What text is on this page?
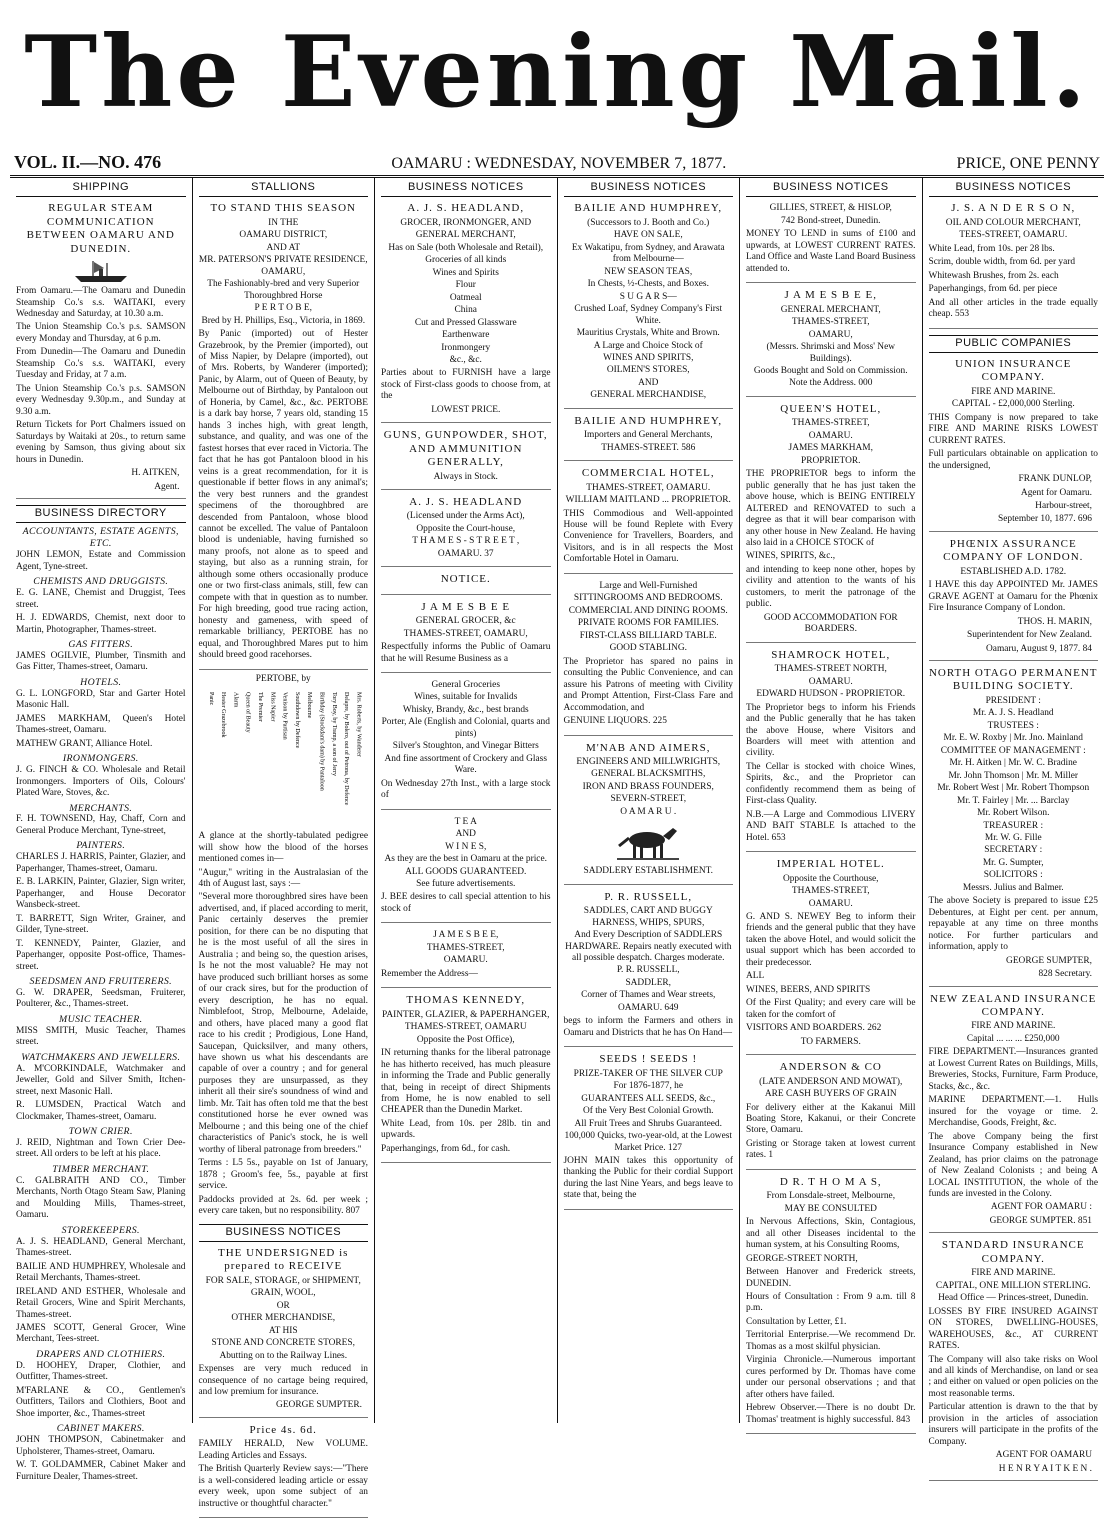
The Evening Mail.
VOL. II.—NO. 476	OAMARU : WEDNESDAY, NOVEMBER 7, 1877.	PRICE, ONE PENNY
SHIPPING
REGULAR STEAM COMMUNICATION BETWEEN OAMARU AND DUNEDIN.

From Oamaru.—The Oamaru and Dunedin Steamship Co.'s s.s. WAITAKI, every Wednesday and Saturday, at 10.30 a.m.

The Union Steamship Co.'s p.s. SAMSON every Monday and Thursday, at 6 p.m.

From Dunedin—The Oamaru and Dunedin Steamship Co.'s s.s. WAITAKI, every Tuesday and Friday, at 7 a.m.

The Union Steamship Co.'s p.s. SAMSON every Wednesday 9.30p.m., and Sunday at 9.30 a.m.

Return Tickets for Port Chalmers issued on Saturdays by Waitaki at 20s., to return same evening by Samson, thus giving about six hours in Dunedin.

H. AITKEN,
Agent.
BUSINESS DIRECTORY
ACCOUNTANTS, ESTATE AGENTS, ETC.

JOHN LEMON, Estate and Commission Agent, Tyne-street.

CHEMISTS AND DRUGGISTS.

E. G. LANE, Chemist and Druggist, Tees street.

H. J. EDWARDS, Chemist, next door to Martin, Photographer, Thames-street.

GAS FITTERS.

JAMES OGILVIE, Plumber, Tinsmith and Gas Fitter, Thames-street, Oamaru.

HOTELS.

G. L. LONGFORD, Star and Garter Hotel Masonic Hall.

JAMES MARKHAM, Queen's Hotel Thames-street, Oamaru.

MATHEW GRANT, Alliance Hotel.

IRONMONGERS.

J. G. FINCH & CO. Wholesale and Retail Ironmongers. Importers of Oils, Colours' Plated Ware, Stoves, &c.

MERCHANTS.

F. H. TOWNSEND, Hay, Chaff, Corn and General Produce Merchant, Tyne-street,

PAINTERS.

CHARLES J. HARRIS, Painter, Glazier, and Paperhanger, Thames-street, Oamaru.

E. B. LARKIN, Painter, Glazier, Sign writer, Paperhanger, and House Decorator Wansbeck-street.

T. BARRETT, Sign Writer, Grainer, and Gilder, Tyne-street.

T. KENNEDY, Painter, Glazier, and Paperhanger, opposite Post-office, Thames-street.

SEEDSMEN AND FRUITERERS.

G. W. DRAPER, Seedsman, Fruiterer, Poulterer, &c., Thames-street.

MUSIC TEACHER.

MISS SMITH, Music Teacher, Thames street.

WATCHMAKERS AND JEWELLERS.

A. M'CORKINDALE, Watchmaker and Jeweller, Gold and Silver Smith, Itchen-street, next Masonic Hall.

R. LUMSDEN, Practical Watch and Clockmaker, Thames-street, Oamaru.

TOWN CRIER.

J. REID, Nightman and Town Crier Dee-street. All orders to be left at his place.

TIMBER MERCHANT.

C. GALBRAITH AND CO., Timber Merchants, North Otago Steam Saw, Planing and Moulding Mills, Thames-street, Oamaru.

STOREKEEPERS.

A. J. S. HEADLAND, General Merchant, Thames-street.

BAILIE AND HUMPHREY, Wholesale and Retail Merchants, Thames-street.

IRELAND AND ESTHER, Wholesale and Retail Grocers, Wine and Spirit Merchants, Thames-street.

JAMES SCOTT, General Grocer, Wine Merchant, Tees-street.

DRAPERS AND CLOTHIERS.

D. HOOHEY, Draper, Clothier, and Outfitter, Thames-street.

M'FARLANE & CO., Gentlemen's Outfitters, Tailors and Clothiers, Boot and Shoe importer, &c., Thames-street

CABINET MAKERS.

JOHN THOMPSON, Cabinetmaker and Upholsterer, Thames-street, Oamaru.

W. T. GOLDAMMER, Cabinet Maker and Furniture Dealer, Thames-street.

STALLIONS
TO STAND THIS SEASON
IN THE
OAMARU DISTRICT,
AND AT
MR. PATERSON'S PRIVATE RESIDENCE, OAMARU,
The Fashionably-bred and very Superior Thoroughbred Horse
P E R T O B E,
Bred by H. Phillips, Esq., Victoria, in 1869.

By Panic (imported) out of Hester Grazebrook, by the Premier (imported), out of Miss Napier, by Delapre (imported), out of Mrs. Roberts, by Wanderer (imported); Panic, by Alarm, out of Queen of Beauty, by Melbourne out of Birthday, by Pantaloon out of Honeria, by Camel, &c., &c. PERTOBE is a dark bay horse, 7 years old, standing 15 hands 3 inches high, with great length, substance, and quality, and was one of the fastest horses that ever raced in Victoria. The fact that he has got Pantaloon blood in his veins is a great recommendation, for it is questionable if better flows in any animal's; the very best runners and the grandest specimens of the thoroughbred are descended from Pantaloon, whose blood cannot be excelled. The value of Pantaloon blood is undeniable, having furnished so many proofs, not alone as to speed and staying, but also as a running strain, for although some others occasionally produce one or two first-class animals, still, few can compete with that in question as to number. For high breeding, good true racing action, honesty and gameness, with speed of remarkable brilliancy, PERTOBE has no equal, and Thoroughbred Mares put to him should breed good racehorses.

PERTOBE, by
Panic Hester Grazebrook Alarm Queen of Beauty The Premier Miss Napier Venison by Partisan Southdown by Defence Melbourne Birthday (Stockdam's dam) by Pantaloon Tory Boy, by Tramp, a son of Jerry Delapre, by Bolero, out of Petrona, by Defence Mrs. Roberts, by Wanderer

A glance at the shortly-tabulated pedigree will show how the blood of the horses mentioned comes in—

"Augur," writing in the Australasian of the 4th of August last, says :—

"Several more thoroughbred sires have been advertised, and, if placed according to merit, Panic certainly deserves the premier position, for there can be no disputing that he is the most useful of all the sires in Australia ; and being so, the question arises, Is he not the most valuable? He may not have produced such brilliant horses as some of our crack sires, but for the production of every description, he has no equal. Nimblefoot, Strop, Melbourne, Adelaide, and others, have placed many a good flat race to his credit ; Prodigious, Lone Hand, Saucepan, Quicksilver, and many others, have shown us what his descendants are capable of over a country ; and for general purposes they are unsurpassed, as they inherit all their sire's soundness of wind and limb. Mr. Tait has often told me that the best constitutioned horse he ever owned was Melbourne ; and this being one of the chief characteristics of Panic's stock, he is well worthy of liberal patronage from breeders."

Terms : L5 5s., payable on 1st of January, 1878 ; Groom's fee, 5s., payable at first service.

Paddocks provided at 2s. 6d. per week ; every care taken, but no responsibility. 807

BUSINESS NOTICES
THE UNDERSIGNED is prepared to RECEIVE
FOR SALE, STORAGE, or SHIPMENT,
GRAIN, WOOL,
OR
OTHER MERCHANDISE,
AT HIS
STONE AND CONCRETE STORES,
Abutting on to the Railway Lines.

Expenses are very much reduced in consequence of no cartage being required, and low premium for insurance.

GEORGE SUMPTER.
Price 4s. 6d.

FAMILY HERALD, New VOLUME. Leading Articles and Essays.

The British Quarterly Review says:—"There is a well-considered leading article or essay every week, upon some subject of an instructive or thoughtful character."

BUSINESS NOTICES
A. J. S. HEADLAND,
GROCER, IRONMONGER, AND
GENERAL MERCHANT,
Has on Sale (both Wholesale and Retail),
Groceries of all kinds
Wines and Spirits
Flour
Oatmeal
China
Cut and Pressed Glassware
Earthenware
Ironmongery
&c., &c.

Parties about to FURNISH have a large stock of First-class goods to choose from, at the

LOWEST PRICE.
GUNS, GUNPOWDER, SHOT, AND AMMUNITION GENERALLY,
Always in Stock.
A. J. S. HEADLAND
(Licensed under the Arms Act),
Opposite the Court-house,
T H A M E S - S T R E E T ,
OAMARU. 37
NOTICE.
J A M E S B E E
GENERAL GROCER, &c
THAMES-STREET, OAMARU,

Respectfully informs the Public of Oamaru that he will Resume Business as a

General Groceries
Wines, suitable for Invalids
Whisky, Brandy, &c., best brands
Porter, Ale (English and Colonial, quarts and pints)
Silver's Stoughton, and Vinegar Bitters
And fine assortment of Crockery and Glass Ware.

On Wednesday 27th Inst., with a large stock of

T E A
AND
W I N E S,
As they are the best in Oamaru at the price.
ALL GOODS GUARANTEED.
See future advertisements.

J. BEE desires to call special attention to his stock of

J A M E S B E E,
THAMES-STREET,
OAMARU.

Remember the Address—

THOMAS KENNEDY,
PAINTER, GLAZIER, & PAPERHANGER,
THAMES-STREET, OAMARU
Opposite the Post Office),

IN returning thanks for the liberal patronage he has hitherto received, has much pleasure in informing the Trade and Public generally that, being in receipt of direct Shipments from Home, he is now enabled to sell CHEAPER than the Dunedin Market.

White Lead, from 10s. per 28lb. tin and upwards.

Paperhangings, from 6d., for cash.

BUSINESS NOTICES
BAILIE AND HUMPHREY,
(Successors to J. Booth and Co.)
HAVE ON SALE,
Ex Wakatipu, from Sydney, and Arawata from Melbourne—
NEW SEASON TEAS,
In Chests, ½-Chests, and Boxes.
S U G A R S—
Crushed Loaf, Sydney Company's First White.
Mauritius Crystals, White and Brown.
A Large and Choice Stock of
WINES AND SPIRITS,
OILMEN'S STORES,
AND
GENERAL MERCHANDISE,
BAILIE AND HUMPHREY,
Importers and General Merchants,
THAMES-STREET. 586
COMMERCIAL HOTEL,
THAMES-STREET, OAMARU.
WILLIAM MAITLAND ... PROPRIETOR.

THIS Commodious and Well-appointed House will be found Replete with Every Convenience for Travellers, Boarders, and Visitors, and is in all respects the Most Comfortable Hotel in Oamaru.

Large and Well-Furnished
SITTINGROOMS AND BEDROOMS.
COMMERCIAL AND DINING ROOMS.
PRIVATE ROOMS FOR FAMILIES.
FIRST-CLASS BILLIARD TABLE.
GOOD STABLING.

The Proprietor has spared no pains in consulting the Public Convenience, and can assure his Patrons of meeting with Civility and Prompt Attention, First-Class Fare and Accommodation, and

GENUINE LIQUORS. 225

M'NAB AND AIMERS,
ENGINEERS AND MILLWRIGHTS,
GENERAL BLACKSMITHS,
IRON AND BRASS FOUNDERS,
SEVERN-STREET,
O A M A R U .
SADDLERY ESTABLISHMENT.
P. R. RUSSELL,
SADDLES, CART AND BUGGY HARNESS, WHIPS, SPURS,
And Every Description of SADDLERS HARDWARE. Repairs neatly executed with all possible despatch. Charges moderate.
P. R. RUSSELL,
SADDLER,
Corner of Thames and Wear streets,
OAMARU. 649

begs to inform the Farmers and others in Oamaru and Districts that he has On Hand—

SEEDS ! SEEDS !
PRIZE-TAKER OF THE SILVER CUP
For 1876-1877, he
GUARANTEES ALL SEEDS, &c.,
Of the Very Best Colonial Growth.
All Fruit Trees and Shrubs Guaranteed.
100,000 Quicks, two-year-old, at the Lowest Market Price. 127

JOHN MAIN takes this opportunity of thanking the Public for their cordial Support during the last Nine Years, and begs leave to state that, being the

BUSINESS NOTICES
GILLIES, STREET, & HISLOP,
742 Bond-street, Dunedin.

MONEY TO LEND in sums of £100 and upwards, at LOWEST CURRENT RATES. Land Office and Waste Land Board Business attended to.

J A M E S B E E,
GENERAL MERCHANT,
THAMES-STREET,
OAMARU,
(Messrs. Shrimski and Moss' New Buildings).
Goods Bought and Sold on Commission.
Note the Address. 000
QUEEN'S HOTEL,
THAMES-STREET,
OAMARU.
JAMES MARKHAM,
PROPRIETOR.

THE PROPRIETOR begs to inform the public generally that he has just taken the above house, which is BEING ENTIRELY ALTERED and RENOVATED to such a degree as that it will bear comparison with any other house in New Zealand. He having also laid in a CHOICE STOCK of

WINES, SPIRITS, &c.,

and intending to keep none other, hopes by civility and attention to the wants of his customers, to merit the patronage of the public.

GOOD ACCOMMODATION FOR BOARDERS.
SHAMROCK HOTEL,
THAMES-STREET NORTH,
OAMARU.
EDWARD HUDSON - PROPRIETOR.

The Proprietor begs to inform his Friends and the Public generally that he has taken the above House, where Visitors and Boarders will meet with attention and civility.

The Cellar is stocked with choice Wines, Spirits, &c., and the Proprietor can confidently recommend them as being of First-class Quality.

N.B.—A Large and Commodious LIVERY AND BAIT STABLE Is attached to the Hotel. 653

IMPERIAL HOTEL.
Opposite the Courthouse,
THAMES-STREET,
OAMARU.

G. AND S. NEWEY Beg to inform their friends and the general public that they have taken the above Hotel, and would solicit the usual support which has been accorded to their predecessor.

ALL

WINES, BEERS, AND SPIRITS

Of the First Quality; and every care will be taken for the comfort of

VISITORS AND BOARDERS. 262

TO FARMERS.
ANDERSON & CO
(LATE ANDERSON AND MOWAT),
ARE CASH BUYERS OF GRAIN

For delivery either at the Kakanui Mill Boating Store, Kakanui, or their Concrete Store, Oamaru.

Gristing or Storage taken at lowest current rates. 1

D R. T H O M A S,
From Lonsdale-street, Melbourne,
MAY BE CONSULTED

In Nervous Affections, Skin, Contagious, and all other Diseases incidental to the human system, at his Consulting Rooms,

GEORGE-STREET NORTH,

Between Hanover and Frederick streets, DUNEDIN.

Hours of Consultation : From 9 a.m. till 8 p.m.

Consultation by Letter, £1.

Territorial Enterprise.—We recommend Dr. Thomas as a most skilful physician.

Virginia Chronicle.—Numerous important cures performed by Dr. Thomas have come under our personal observations ; and that after others have failed.

Hebrew Observer.—There is no doubt Dr. Thomas' treatment is highly successful. 843

BUSINESS NOTICES
J. S. A N D E R S O N,
OIL AND COLOUR MERCHANT,
TEES-STREET, OAMARU.

White Lead, from 10s. per 28 lbs.

Scrim, double width, from 6d. per yard

Whitewash Brushes, from 2s. each

Paperhangings, from 6d. per piece

And all other articles in the trade equally cheap. 553

PUBLIC COMPANIES
UNION INSURANCE COMPANY.
FIRE AND MARINE.
CAPITAL - £2,000,000 Sterling.

THIS Company is now prepared to take FIRE AND MARINE RISKS LOWEST CURRENT RATES.

Full particulars obtainable on application to the undersigned,

FRANK DUNLOP,
Agent for Oamaru.
Harbour-street,
September 10, 1877. 696
PHŒNIX ASSURANCE COMPANY OF LONDON.
ESTABLISHED A.D. 1782.

I HAVE this day APPOINTED Mr. JAMES GRAVE AGENT at Oamaru for the Phœnix Fire Insurance Company of London.

THOS. H. MARIN,
Superintendent for New Zealand.
Oamaru, August 9, 1877. 84
NORTH OTAGO PERMANENT BUILDING SOCIETY.
PRESIDENT :
Mr. A. J. S. Headland
TRUSTEES :
Mr. E. W. Roxby | Mr. Jno. Mainland
COMMITTEE OF MANAGEMENT :
Mr. H. Aitken | Mr. W. C. Bradine
Mr. John Thomson | Mr. M. Miller
Mr. Robert West | Mr. Robert Thompson
Mr. T. Fairley | Mr. ... Barclay
Mr. Robert Wilson.
TREASURER :
Mr. W. G. Fille
SECRETARY :
Mr. G. Sumpter,
SOLICITORS :
Messrs. Julius and Balmer.

The above Society is prepared to issue £25 Debentures, at Eight per cent. per annum, repayable at any time on three months notice. For further particulars and information, apply to

GEORGE SUMPTER,
828 Secretary.
NEW ZEALAND INSURANCE COMPANY.
FIRE AND MARINE.
Capital ... ... ... £250,000

FIRE DEPARTMENT.—Insurances granted at Lowest Current Rates on Buildings, Mills, Breweries, Stocks, Furniture, Farm Produce, Stacks, &c., &c.

MARINE DEPARTMENT.—1. Hulls insured for the voyage or time. 2. Merchandise, Goods, Freight, &c.

The above Company being the first Insurance Company established in New Zealand, has prior claims on the patronage of New Zealand Colonists ; and being A LOCAL INSTITUTION, the whole of the funds are invested in the Colony.

AGENT FOR OAMARU :
GEORGE SUMPTER. 851
STANDARD INSURANCE COMPANY.
FIRE AND MARINE.
CAPITAL, ONE MILLION STERLING.
Head Office — Princes-street, Dunedin.

LOSSES BY FIRE INSURED AGAINST ON STORES, DWELLING-HOUSES, WAREHOUSES, &c., AT CURRENT RATES.

The Company will also take risks on Wool and all kinds of Merchandise, on land or sea ; and either on valued or open policies on the most reasonable terms.

Particular attention is drawn to the that by provision in the articles of association insurers will participate in the profits of the Company.

AGENT FOR OAMARU
H E N R Y A I T K E N .
